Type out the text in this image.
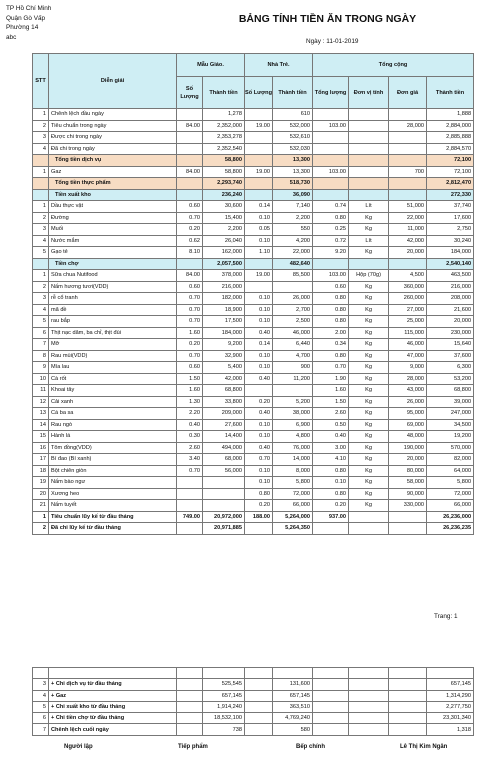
TP Hồ Chí Minh
Quận Gò Vấp
Phường 14
abc
BẢNG TÍNH TIỀN ĂN TRONG NGÀY
Ngày : 11-01-2019
STT	Diễn giải	Mẫu Giáo.		Nhà Trẻ.		Tổng cộng			
		Số Lượng	Thành tiền	Số Lượng	Thành tiền	Tổng lượng	Đơn vị tính	Đơn giá	Thành tiền
1	Chênh lệch đầu ngày		1,278		610				1,888
2	Tiêu chuẩn trong ngày	84.00	2,352,000	19.00	532,000	103.00		28,000	2,884,000
3	Được chi trong ngày		2,353,278		532,610				2,885,888
4	Đã chi trong ngày		2,352,540		532,030				2,884,570
	Tổng tiền dịch vụ		58,800		13,300				72,100
1	Gaz	84.00	58,800	19.00	13,300	103.00		700	72,100
	Tổng tiền thực phẩm		2,293,740		518,730				2,812,470
	Tiền xuất kho		236,240		36,090				272,330
1	Dầu thực vật	0.60	30,600	0.14	7,140	0.74	Lít	51,000	37,740
2	Đường	0.70	15,400	0.10	2,200	0.80	Kg	22,000	17,600
3	Muối	0.20	2,200	0.05	550	0.25	Kg	11,000	2,750
4	Nước mắm	0.62	26,040	0.10	4,200	0.72	Lít	42,000	30,240
5	Gạo tẻ	8.10	162,000	1.10	22,000	9.20	Kg	20,000	184,000
	Tiền chợ		2,057,500		482,640				2,540,140
1	Sữa chua Nutifood	84.00	378,000	19.00	85,500	103.00	Hộp (70g)	4,500	463,500
2	Nấm hương tươi(VDD)	0.60	216,000			0.60	Kg	360,000	216,000
3	rễ cổ tranh	0.70	182,000	0.10	26,000	0.80	Kg	260,000	208,000
4	mã đề	0.70	18,900	0.10	2,700	0.80	Kg	27,000	21,600
5	rau bắp	0.70	17,500	0.10	2,500	0.80	Kg	25,000	20,000
6	Thịt nạc dăm, ba chỉ, thịt đùi	1.60	184,000	0.40	46,000	2.00	Kg	115,000	230,000
7	Mỡ	0.20	9,200	0.14	6,440	0.34	Kg	46,000	15,640
8	Rau mùi(VDD)	0.70	32,900	0.10	4,700	0.80	Kg	47,000	37,600
9	Mía lau	0.60	5,400	0.10	900	0.70	Kg	9,000	6,300
10	Cà rốt	1.50	42,000	0.40	11,200	1.90	Kg	28,000	53,200
11	Khoai tây	1.60	68,800			1.60	Kg	43,000	68,800
12	Cải xanh	1.30	33,800	0.20	5,200	1.50	Kg	26,000	39,000
13	Cá ba sa	2.20	209,000	0.40	38,000	2.60	Kg	95,000	247,000
14	Rau ngò	0.40	27,600	0.10	6,900	0.50	Kg	69,000	34,500
15	Hành lá	0.30	14,400	0.10	4,800	0.40	Kg	48,000	19,200
16	Tôm đồng(VDD)	2.60	494,000	0.40	76,000	3.00	Kg	190,000	570,000
17	Bí đao (Bí xanh)	3.40	68,000	0.70	14,000	4.10	Kg	20,000	82,000
18	Bột chiên giòn	0.70	56,000	0.10	8,000	0.80	Kg	80,000	64,000
19	Nấm bào ngư			0.10	5,800	0.10	Kg	58,000	5,800
20	Xương heo			0.80	72,000	0.80	Kg	90,000	72,000
21	Nấm tuyết			0.20	66,000	0.20	Kg	330,000	66,000
1	Tiêu chuẩn lũy kế từ đầu tháng	749.00	20,972,000	188.00	5,264,000	937.00			26,236,000
2	Đã chi lũy kế từ đầu tháng		20,971,885		5,264,350				26,236,235
Trang: 1

3	+ Chi dịch vụ từ đầu tháng		525,545		131,600				657,145
4	+ Gaz		657,145		657,145				1,314,290
5	+ Chi xuất kho từ đầu tháng		1,914,240		363,510				2,277,750
6	+ Chi tiền chợ từ đầu tháng		18,532,100		4,769,240				23,301,340
7	Chênh lệch cuối ngày		738		580				1,318
Người lập	Tiếp phẩm	Bếp chính	Lê Thị Kim Ngân
